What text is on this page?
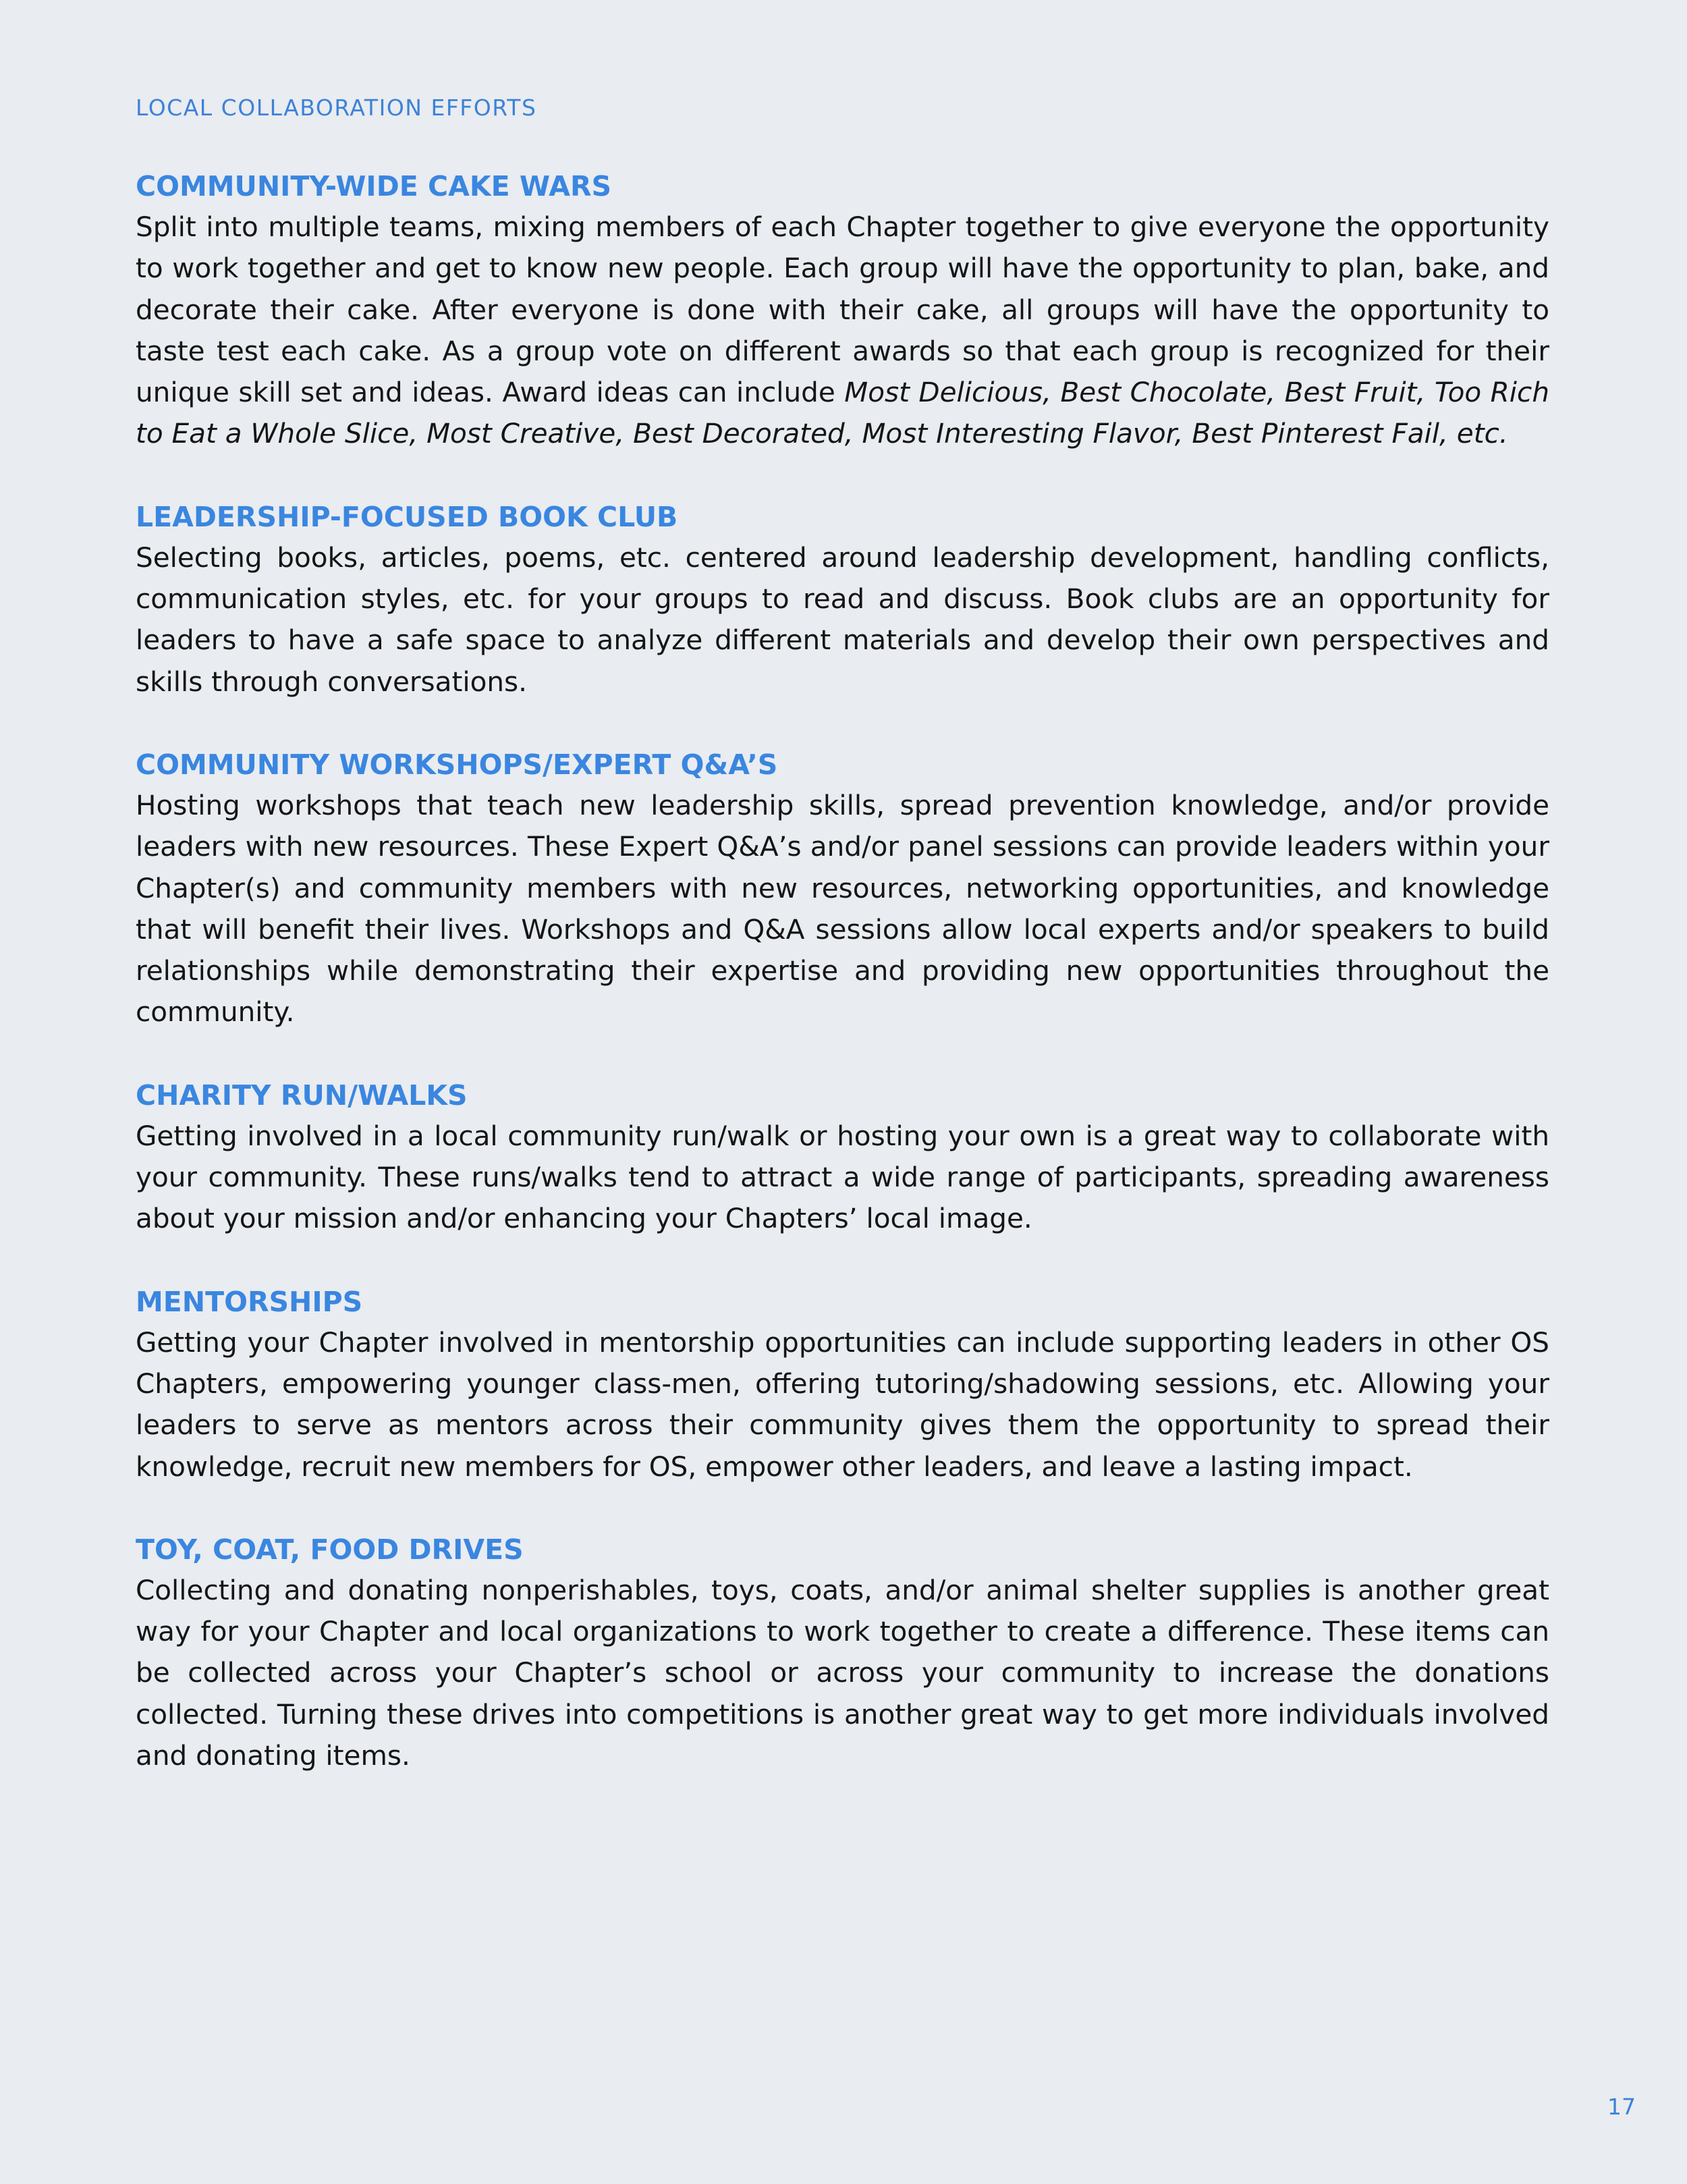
LOCAL COLLABORATION EFFORTS
COMMUNITY-WIDE CAKE WARS

Split into multiple teams, mixing members of each Chapter together to give everyone the opportunity to work together and get to know new people. Each group will have the opportunity to plan, bake, and decorate their cake. After everyone is done with their cake, all groups will have the opportunity to taste test each cake. As a group vote on different awards so that each group is recognized for their unique skill set and ideas. Award ideas can include Most Delicious, Best Chocolate, Best Fruit, Too Rich to Eat a Whole Slice, Most Creative, Best Decorated, Most Interesting Flavor, Best Pinterest Fail, etc.

LEADERSHIP-FOCUSED BOOK CLUB

Selecting books, articles, poems, etc. centered around leadership development, handling conflicts, communication styles, etc. for your groups to read and discuss. Book clubs are an opportunity for leaders to have a safe space to analyze different materials and develop their own perspectives and skills through conversations.

COMMUNITY WORKSHOPS/EXPERT Q&A’S

Hosting workshops that teach new leadership skills, spread prevention knowledge, and/or provide leaders with new resources. These Expert Q&A’s and/or panel sessions can provide leaders within your Chapter(s) and community members with new resources, networking opportunities, and knowledge that will benefit their lives. Workshops and Q&A sessions allow local experts and/or speakers to build relationships while demonstrating their expertise and providing new opportunities throughout the community.

CHARITY RUN/WALKS

Getting involved in a local community run/walk or hosting your own is a great way to collaborate with your community. These runs/walks tend to attract a wide range of participants, spreading awareness about your mission and/or enhancing your Chapters’ local image.

MENTORSHIPS

Getting your Chapter involved in mentorship opportunities can include supporting leaders in other OS Chapters, empowering younger class-men, offering tutoring/shadowing sessions, etc. Allowing your leaders to serve as mentors across their community gives them the opportunity to spread their knowledge, recruit new members for OS, empower other leaders, and leave a lasting impact.

TOY, COAT, FOOD DRIVES

Collecting and donating nonperishables, toys, coats, and/or animal shelter supplies is another great way for your Chapter and local organizations to work together to create a difference. These items can be collected across your Chapter’s school or across your community to increase the donations collected. Turning these drives into competitions is another great way to get more individuals involved and donating items.

17
